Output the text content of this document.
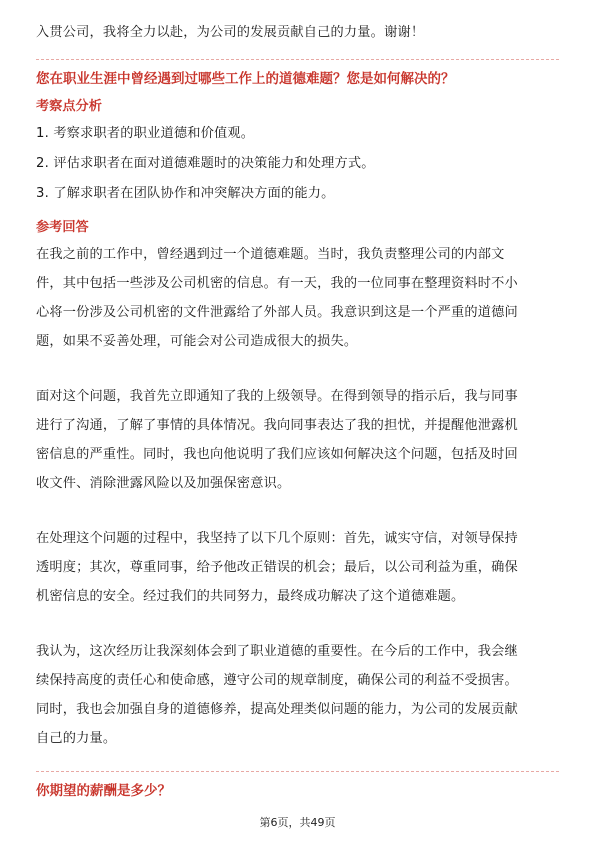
入贯公司，我将全力以赴，为公司的发展贡献自己的力量。谢谢！

您在职业生涯中曾经遇到过哪些工作上的道德难题？您是如何解决的？

考察点分析

1. 考察求职者的职业道德和价值观。

2. 评估求职者在面对道德难题时的决策能力和处理方式。

3. 了解求职者在团队协作和冲突解决方面的能力。

参考回答

在我之前的工作中，曾经遇到过一个道德难题。当时，我负责整理公司的内部文

件，其中包括一些涉及公司机密的信息。有一天，我的一位同事在整理资料时不小

心将一份涉及公司机密的文件泄露给了外部人员。我意识到这是一个严重的道德问

题，如果不妥善处理，可能会对公司造成很大的损失。

面对这个问题，我首先立即通知了我的上级领导。在得到领导的指示后，我与同事

进行了沟通，了解了事情的具体情况。我向同事表达了我的担忧，并提醒他泄露机

密信息的严重性。同时，我也向他说明了我们应该如何解决这个问题，包括及时回

收文件、消除泄露风险以及加强保密意识。

在处理这个问题的过程中，我坚持了以下几个原则：首先，诚实守信，对领导保持

透明度；其次，尊重同事，给予他改正错误的机会；最后，以公司利益为重，确保

机密信息的安全。经过我们的共同努力，最终成功解决了这个道德难题。

我认为，这次经历让我深刻体会到了职业道德的重要性。在今后的工作中，我会继

续保持高度的责任心和使命感，遵守公司的规章制度，确保公司的利益不受损害。

同时，我也会加强自身的道德修养，提高处理类似问题的能力，为公司的发展贡献

自己的力量。

你期望的薪酬是多少？

第6页，共49页
